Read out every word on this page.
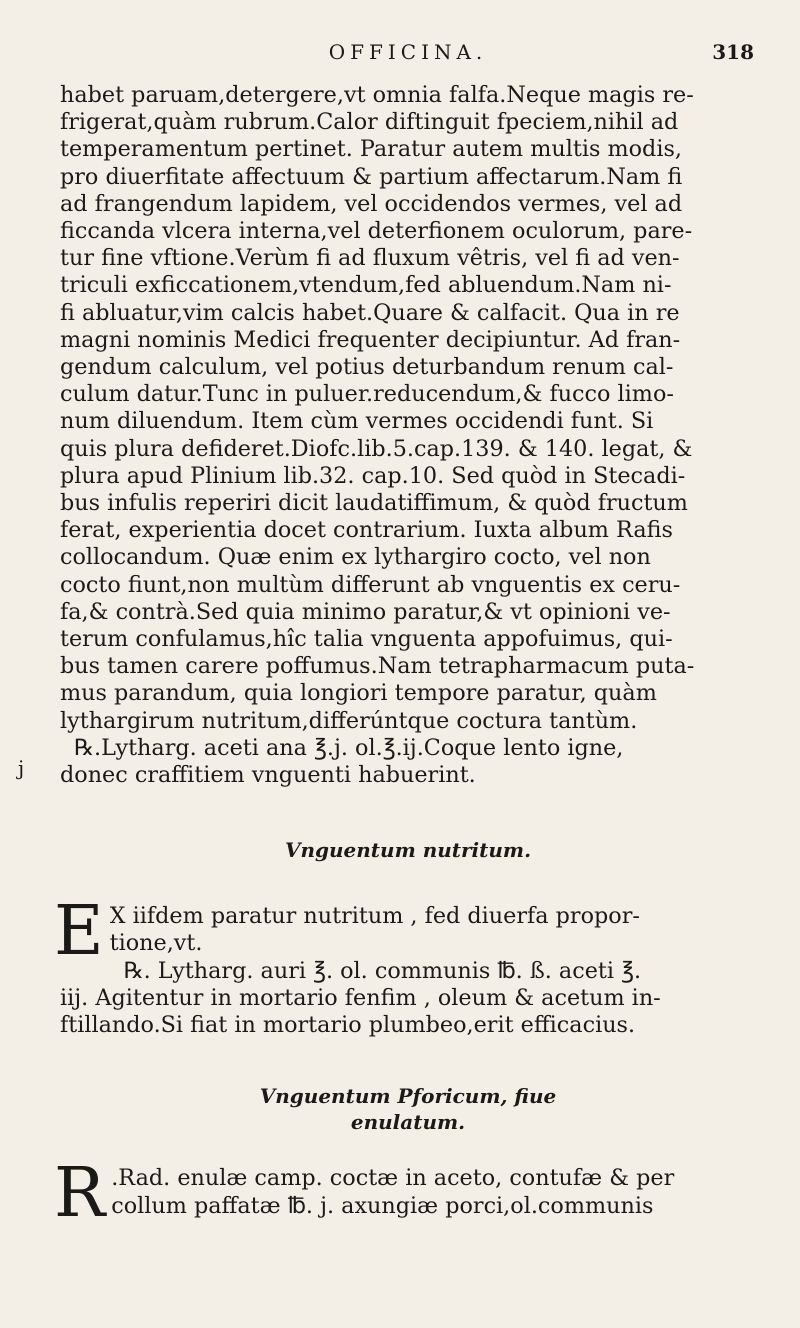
OFFICINA.	318
habet paruam,detergere,vt omnia falfa.Neque magis re-
frigerat,quàm rubrum.Calor diftinguit fpeciem,nihil ad
temperamentum pertinet. Paratur autem multis modis,
pro diuerfitate affectuum & partium affectarum.Nam fi
ad frangendum lapidem, vel occidendos vermes, vel ad
ficcanda vlcera interna,vel deterfionem oculorum, pare-
tur fine vftione.Verùm fi ad fluxum vêtris, vel fi ad ven-
triculi exficcationem,vtendum,fed abluendum.Nam ni-
fi abluatur,vim calcis habet.Quare & calfacit. Qua in re
magni nominis Medici frequenter decipiuntur. Ad fran-
gendum calculum, vel potius deturbandum renum cal-
culum datur.Tunc in puluer.reducendum,& fucco limo-
num diluendum. Item cùm vermes occidendi funt. Si
quis plura defideret.Diofc.lib.5.cap.139. & 140. legat, &
plura apud Plinium lib.32. cap.10. Sed quòd in Stecadi-
bus infulis reperiri dicit laudatiffimum, & quòd fructum
ferat, experientia docet contrarium. Iuxta album Rafis
collocandum. Quæ enim ex lythargiro cocto, vel non
cocto fiunt,non multùm differunt ab vnguentis ex ceru-
fa,& contrà.Sed quia minimo paratur,& vt opinioni ve-
terum confulamus,hîc talia vnguenta appofuimus, qui-
bus tamen carere poffumus.Nam tetrapharmacum puta-
mus parandum, quia longiori tempore paratur, quàm
lythargirum nutritum,differúntque coctura tantùm.
℞.Lytharg. aceti ana ℥.j. ol.℥.ij.Coque lento igne,
donec craffitiem vnguenti habuerint.
Vnguentum nutritum.
E X iifdem paratur nutritum , fed diuerfa propor-
tione,vt.
℞. Lytharg. auri ℥. ol. communis ℔. ß. aceti ℥.
iij. Agitentur in mortario fenfim , oleum & acetum in-
ftillando.Si fiat in mortario plumbeo,erit efficacius.
Vnguentum Pforicum, fiue
enulatum.
R .Rad. enulæ camp. coctæ in aceto, contufæ & per
collum paffatæ ℔. j. axungiæ porci,ol.communis
j
